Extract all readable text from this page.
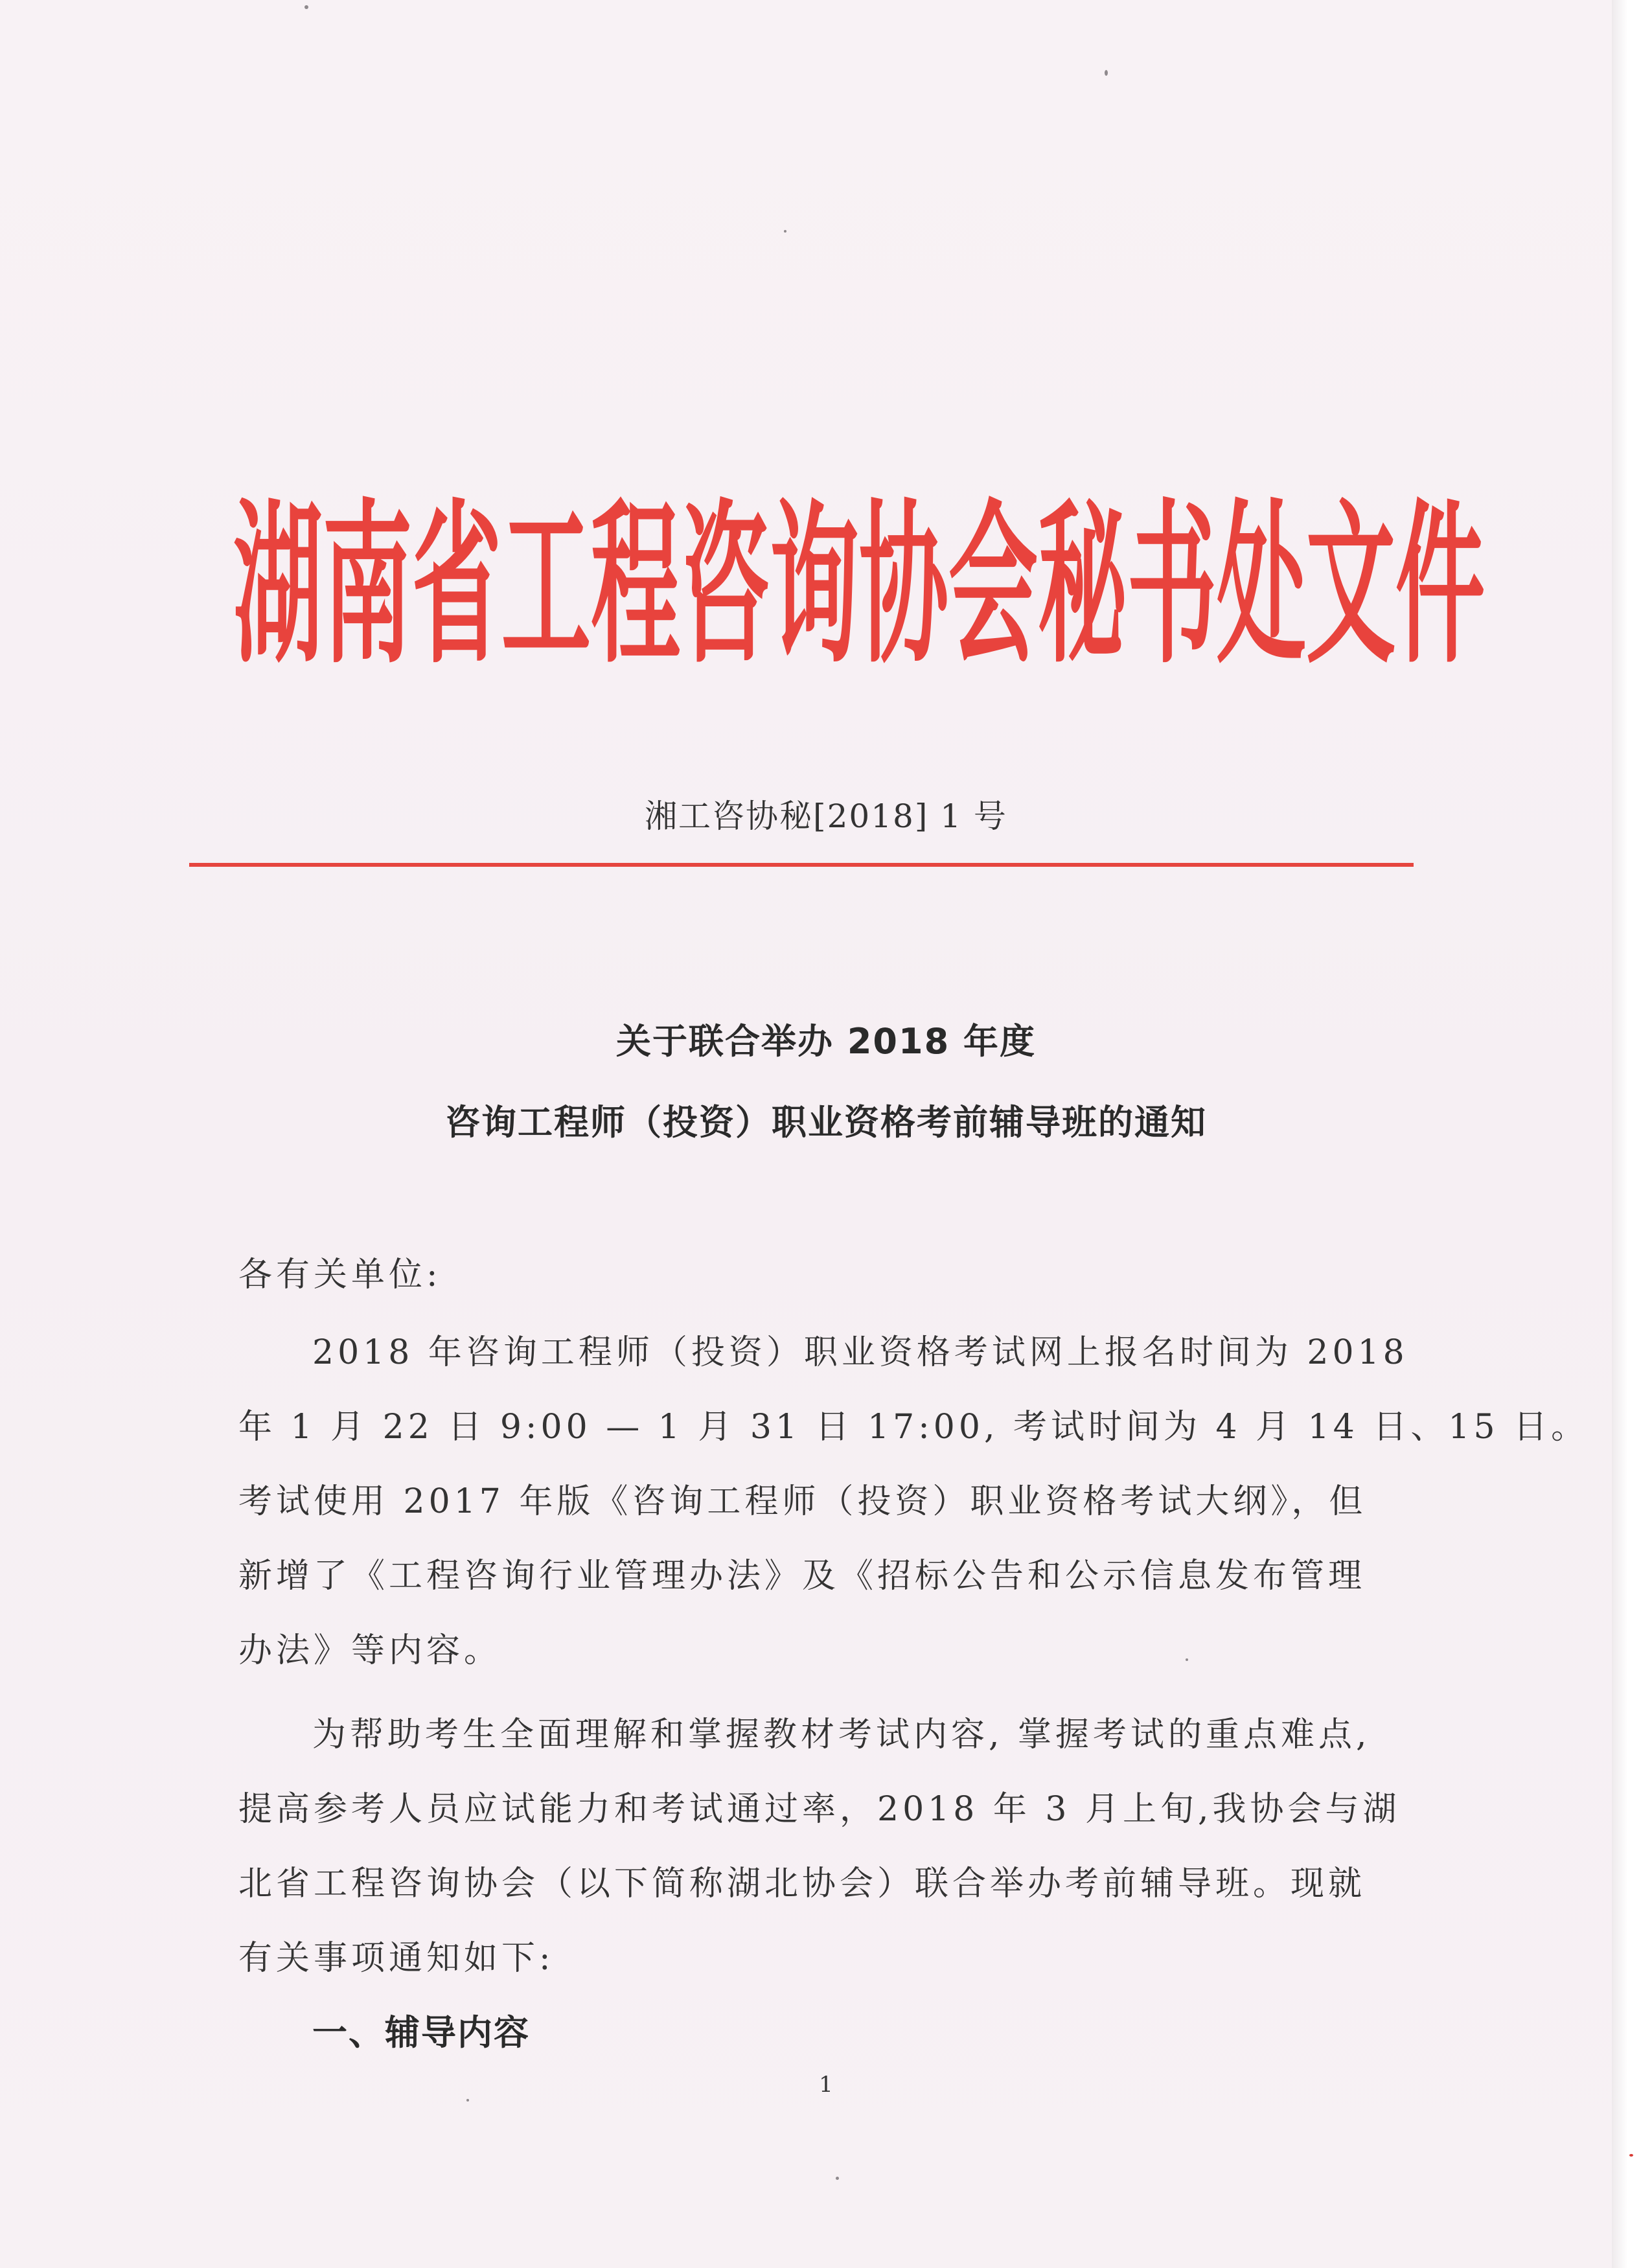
湖南省工程咨询协会秘书处文件
湘工咨协秘[2018] 1 号
关于联合举办 2018 年度
咨询工程师（投资）职业资格考前辅导班的通知
各有关单位:
2018 年咨询工程师（投资）职业资格考试网上报名时间为 2018
年 1 月 22 日 9:00 — 1 月 31 日 17:00, 考试时间为 4 月 14 日、15 日。
考试使用 2017 年版《咨询工程师（投资）职业资格考试大纲》，但
新增了《工程咨询行业管理办法》及《招标公告和公示信息发布管理
办法》等内容。
为帮助考生全面理解和掌握教材考试内容, 掌握考试的重点难点,
提高参考人员应试能力和考试通过率，2018 年 3 月上旬,我协会与湖
北省工程咨询协会（以下简称湖北协会）联合举办考前辅导班。现就
有关事项通知如下:
一、辅导内容
1
